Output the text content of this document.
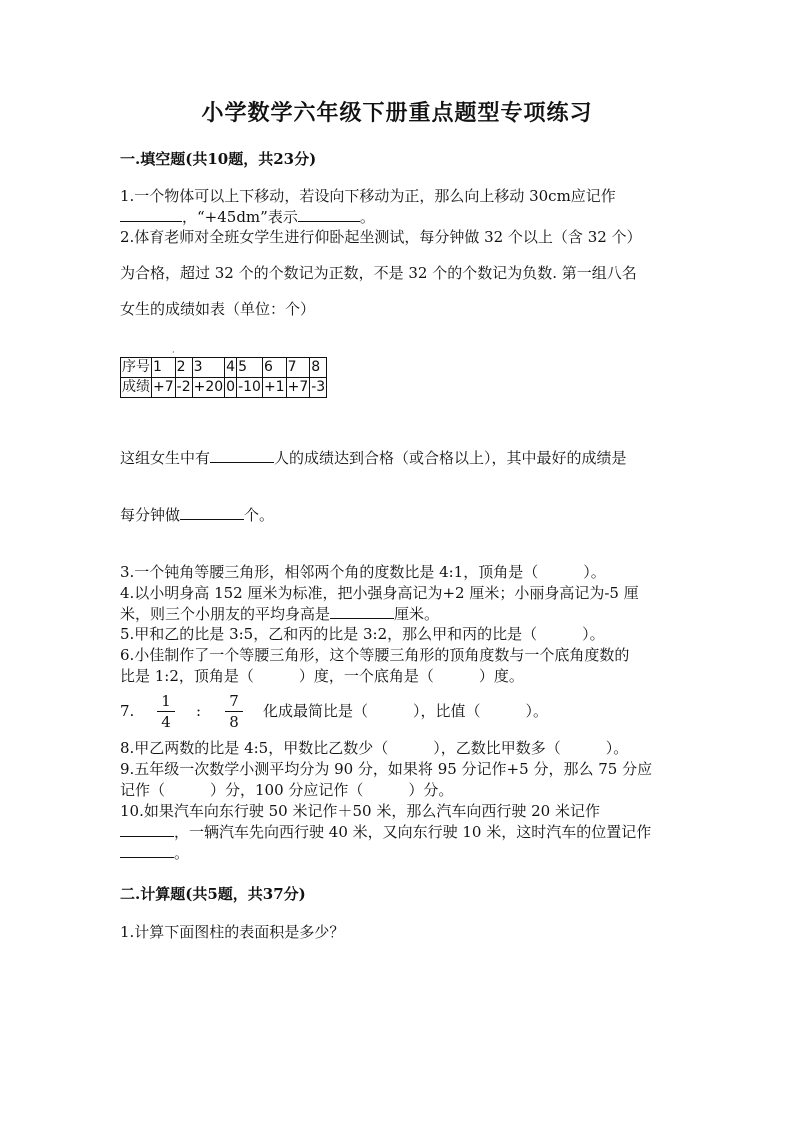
小学数学六年级下册重点题型专项练习
一.填空题(共10题，共23分)
1.一个物体可以上下移动，若设向下移动为正，那么向上移动 30cm应记作
，“+45dm”表示	。
2.体育老师对全班女学生进行仰卧起坐测试，每分钟做 32 个以上（含 32 个）
为合格，超过 32 个的个数记为正数，不是 32 个的个数记为负数. 第一组八名
女生的成绩如表（单位：个）
·
序号	1	2	3	4	5	6	7	8
成绩	+7	-2	+20	0	-10	+1	+7	-3
这组女生中有	人的成绩达到合格（或合格以上），其中最好的成绩是
每分钟做	个。
3.一个钝角等腰三角形，相邻两个角的度数比是 4:1，顶角是（　　　）。
4.以小明身高 152 厘米为标准，把小强身高记为+2 厘米；小丽身高记为-5 厘
米，则三个小朋友的平均身高是	厘米。
5.甲和乙的比是 3:5，乙和丙的比是 3:2，那么甲和丙的比是（　　　）。
6.小佳制作了一个等腰三角形，这个等腰三角形的顶角度数与一个底角度数的
比是 1:2，顶角是（　　　）度，一个底角是（　　　）度。
7.
1
4
:
7
8
化成最简比是（　　　），比值（　　　）。
8.甲乙两数的比是 4:5，甲数比乙数少（　　　），乙数比甲数多（　　　）。
9.五年级一次数学小测平均分为 90 分，如果将 95 分记作+5 分，那么 75 分应
记作（　　　）分，100 分应记作（　　　）分。
10.如果汽车向东行驶 50 米记作＋50 米，那么汽车向西行驶 20 米记作
，一辆汽车先向西行驶 40 米，又向东行驶 10 米，这时汽车的位置记作
。
二.计算题(共5题，共37分)
1.计算下面图柱的表面积是多少？
